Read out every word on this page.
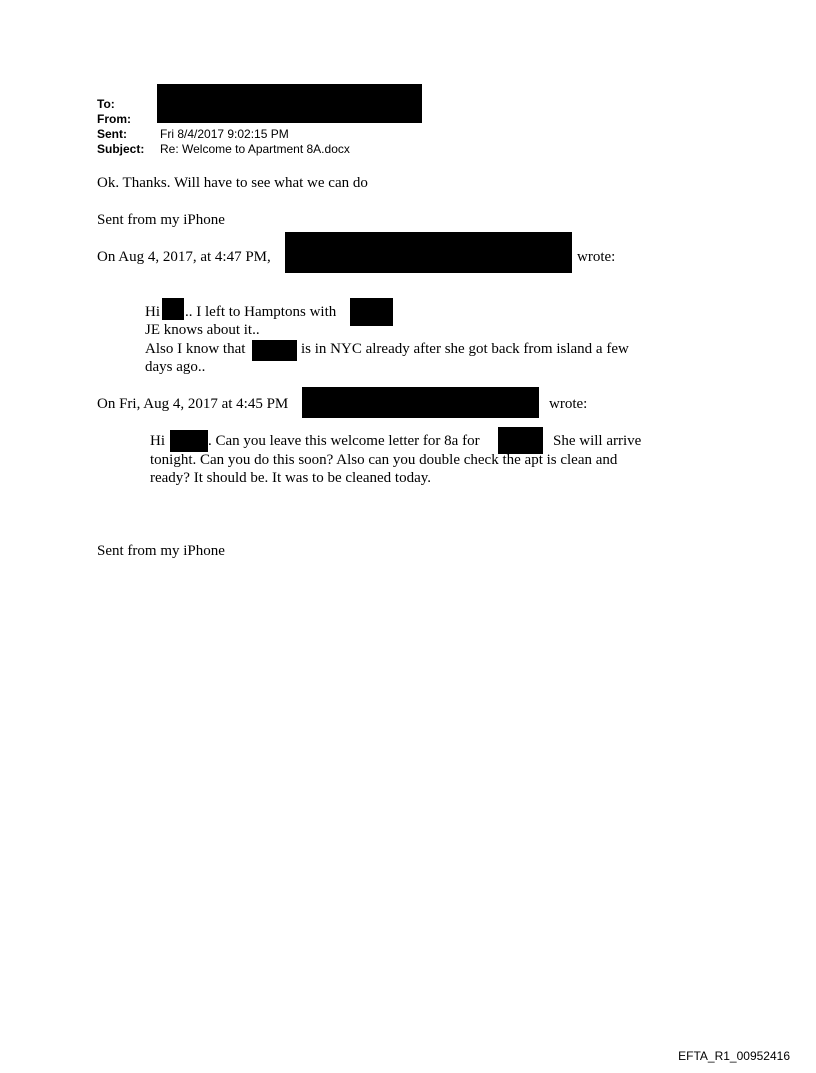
To:
From:
Sent:	Fri 8/4/2017 9:02:15 PM
Subject: Re: Welcome to Apartment 8A.docx
Ok. Thanks. Will have to see what we can do
Sent from my iPhone
On Aug 4, 2017, at 4:47 PM,	wrote:
Hi .. I left to Hamptons with
JE knows about it..
Also I know that	is in NYC already after she got back from island a few
days ago..
On Fri, Aug 4, 2017 at 4:45 PM	wrote:
Hi	. Can you leave this welcome letter for 8a for	She will arrive
tonight. Can you do this soon? Also can you double check the apt is clean and
ready? It should be. It was to be cleaned today.
Sent from my iPhone
EFTA_R1_00952416
